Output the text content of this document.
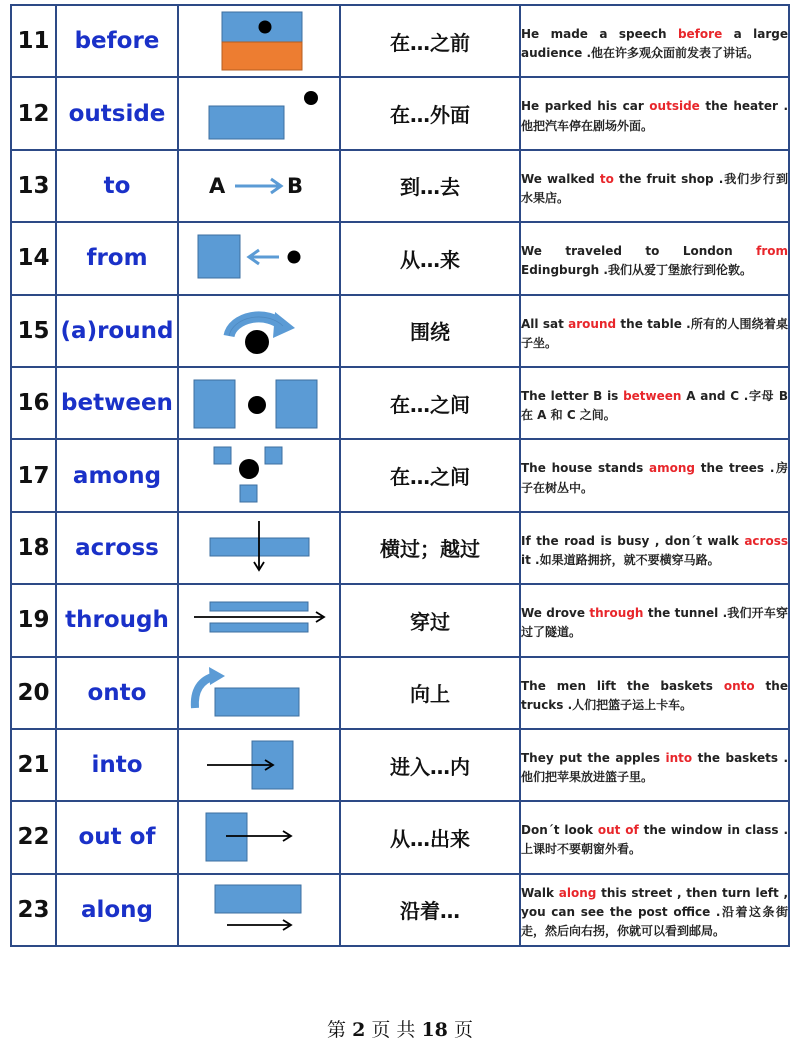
11	before		在…之前	He made a speech before a large audience .他在许多观众面前发表了讲话。

12	outside		在…外面	He parked his car outside the heater .他把汽车停在剧场外面。

13	to	A B	到…去	We walked to the fruit shop .我们步行到水果店。

14	from		从…来	We traveled to London from Edingburgh .我们从爱丁堡旅行到伦敦。

15	(a)round		围绕	All sat around the table .所有的人围绕着桌子坐。

16	between		在…之间	The letter B is between A and C .字母 B 在 A 和 C 之间。

17	among		在…之间	The house stands among the trees .房子在树丛中。

18	across		横过；越过	If the road is busy , don´t walk across it .如果道路拥挤，就不要横穿马路。

19	through		穿过	We drove through the tunnel .我们开车穿过了隧道。

20	onto		向上	The men lift the baskets onto the trucks .人们把篮子运上卡车。

21	into		进入…内	They put the apples into the baskets .他们把苹果放进篮子里。

22	out of		从…出来	Don´t look out of the window in class .上课时不要朝窗外看。

23	along		沿着…	Walk along this street , then turn left , you can see the post office .沿着这条街走，然后向右拐，你就可以看到邮局。
第 2 页 共 18 页
